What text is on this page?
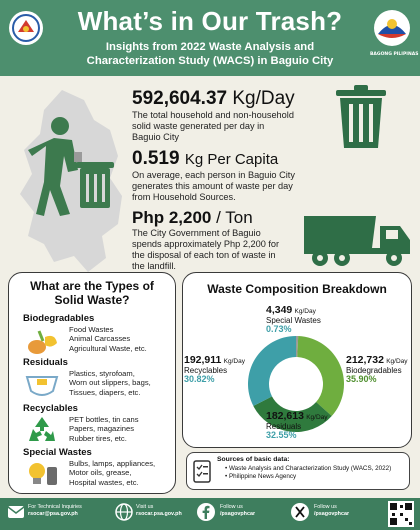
What’s in Our Trash?
Insights from 2022 Waste Analysis and
Characterization Study (WACS) in Baguio City
BAGONG PILIPINAS
592,604.37 Kg/Day
The total household and non-household
solid waste generated per day in
Baguio City
0.519 Kg Per Capita
On average, each person in Baguio City
generates this amount of waste per day
from Household Sources.
Php 2,200 / Ton
The City Government of Baguio
spends approximately Php 2,200 for
the disposal of each ton of waste in
the landfill.
What are the Types of
Solid Waste?
Biodegradables
Food Wastes
Animal Carcasses
Agricultural Waste, etc.
Residuals
Plastics, styrofoam,
Worn out slippers, bags,
Tissues, diapers, etc.
Recyclables
PET bottles, tin cans
Papers, magazines
Rubber tires, etc.
Special Wastes
Bulbs, lamps, appliances,
Motor oils, grease,
Hospital wastes, etc.
Waste Composition Breakdown
4,349 Kg/Day
Special Wastes
0.73%
192,911 Kg/Day
Recyclables
30.82%
212,732 Kg/Day
Biodegradables
35.90%
182,613 Kg/Day
Residuals
32.55%
Sources of basic data:
• Waste Analysis and Characterization Study (WACS, 2022)
• Philippine News Agency
For Technical Inquiries
rsocar@psa.gov.ph
Visit us
rsocar.psa.gov.ph
Follow us
/psagovphcar
Follow us
/psagovphcar
